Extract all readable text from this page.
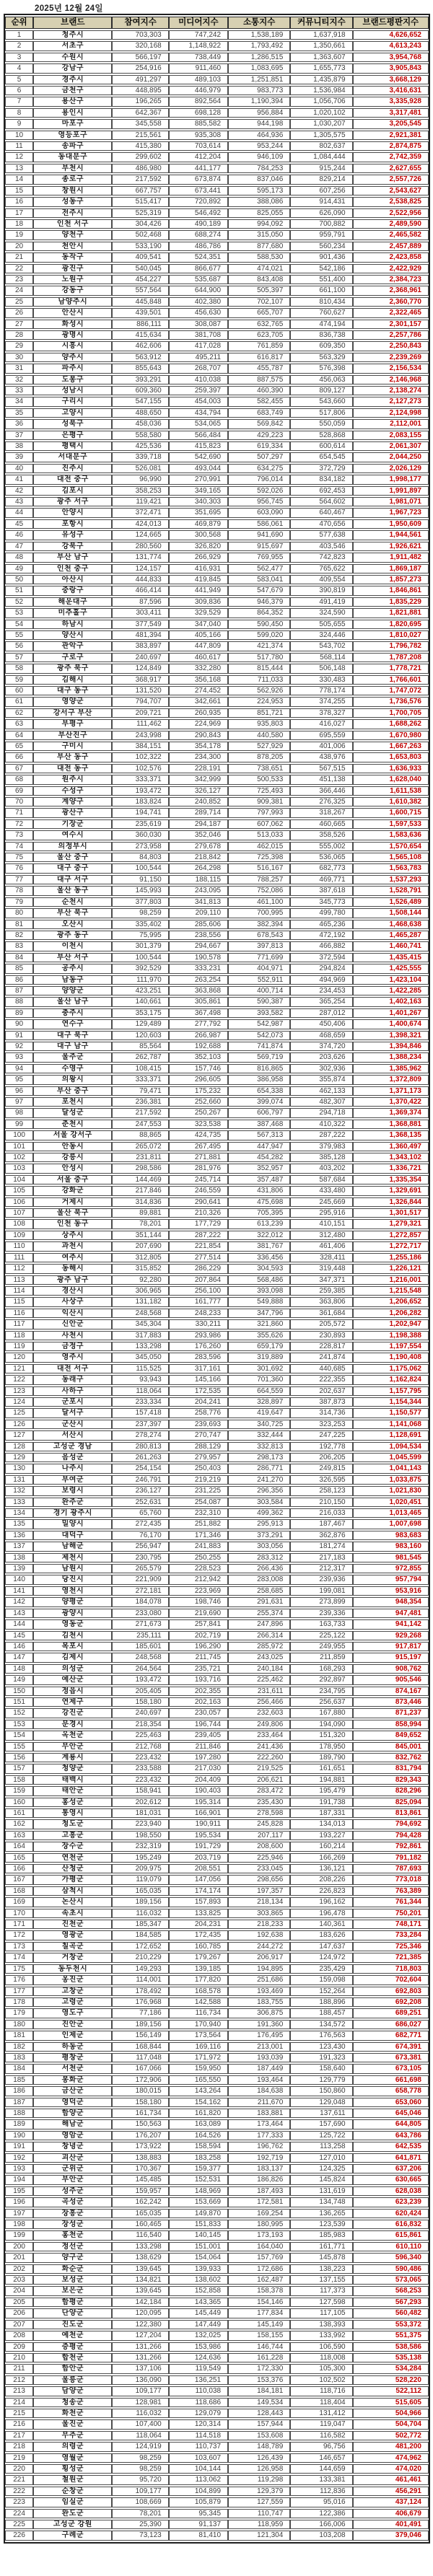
2025년 12월 24일
순위	브랜드	참여지수	미디어지수	소통지수	커뮤니티지수	브랜드평판지수
1	청주시	703,303	747,242	1,538,189	1,637,918	4,626,652
2	서초구	320,168	1,148,922	1,793,492	1,350,661	4,613,243
3	수원시	566,197	738,449	1,286,515	1,363,607	3,954,768
4	강남구	254,916	911,460	1,083,695	1,655,773	3,905,843
5	경주시	491,297	489,103	1,251,851	1,435,879	3,668,129
6	금천구	448,895	446,979	983,773	1,536,984	3,416,631
7	용산구	196,265	892,564	1,190,394	1,056,706	3,335,928
8	용인시	642,367	698,128	956,884	1,020,102	3,317,481
9	마포구	345,558	885,582	944,198	1,030,207	3,205,545
10	영등포구	215,561	935,308	464,936	1,305,575	2,921,381
11	송파구	415,380	703,614	953,244	802,637	2,874,875
12	동대문구	299,602	412,204	946,109	1,084,444	2,742,359
13	부천시	486,980	441,177	784,253	915,244	2,627,655
14	종로구	217,592	673,874	837,046	829,214	2,557,726
15	창원시	667,757	673,441	595,173	607,256	2,543,627
16	성동구	515,417	720,892	388,086	914,431	2,538,825
17	전주시	525,319	546,492	825,055	626,090	2,522,956
18	인천 서구	304,426	490,189	994,092	700,882	2,489,590
19	양천구	502,468	688,274	315,050	959,791	2,465,582
20	천안시	533,190	486,786	877,680	560,234	2,457,889
21	동작구	409,541	524,351	588,530	901,436	2,423,858
22	광진구	540,045	866,677	474,021	542,186	2,422,929
23	노원구	454,227	535,687	843,408	551,400	2,384,723
24	강동구	557,564	644,900	505,397	661,100	2,368,961
25	남양주시	445,848	402,380	702,107	810,434	2,360,770
26	안산시	439,501	456,630	665,707	760,627	2,322,465
27	화성시	886,111	308,087	632,765	474,194	2,301,157
28	광명시	415,634	381,708	623,705	836,738	2,257,786
29	시흥시	462,606	417,028	761,859	609,350	2,250,843
30	양주시	563,912	495,211	616,817	563,329	2,239,269
31	파주시	855,643	268,707	455,787	576,398	2,156,534
32	도봉구	393,291	410,038	887,575	456,063	2,146,968
33	성남시	609,360	259,397	460,390	809,127	2,138,274
34	구리시	547,155	454,003	582,455	543,660	2,127,273
35	고양시	488,650	434,794	683,749	517,806	2,124,998
36	성북구	458,036	534,065	569,842	550,059	2,112,001
37	은평구	558,580	566,484	429,223	528,868	2,083,155
38	평택시	425,536	415,823	619,334	600,614	2,061,307
39	서대문구	339,718	542,690	507,297	654,545	2,044,250
40	진주시	526,081	493,044	634,275	372,729	2,026,129
41	대전 중구	96,990	270,991	796,014	834,182	1,998,177
42	김포시	358,253	349,165	592,026	692,453	1,991,897
43	광주 서구	119,421	340,303	956,745	564,602	1,981,071
44	안양시	372,471	351,695	603,090	640,467	1,967,723
45	포항시	424,013	469,879	586,061	470,656	1,950,609
46	유성구	124,665	300,568	941,690	577,638	1,944,561
47	강북구	280,560	326,820	915,697	403,546	1,926,621
48	부산 남구	131,774	266,929	769,955	742,823	1,911,482
49	인천 중구	124,157	416,931	562,477	765,622	1,869,187
50	아산시	444,833	419,845	583,041	409,554	1,857,273
51	중랑구	466,414	441,949	547,679	390,819	1,846,861
52	해운대구	87,596	309,836	946,379	491,419	1,835,229
53	미추홀구	303,411	329,529	864,352	324,590	1,821,881
54	하남시	377,549	347,040	590,450	505,655	1,820,695
55	양산시	481,394	405,166	599,020	324,446	1,810,027
56	관악구	383,897	447,809	421,374	543,702	1,796,782
57	구로구	240,697	460,617	517,780	568,114	1,787,208
58	광주 북구	124,849	332,280	815,444	506,148	1,778,721
59	김해시	368,917	356,168	711,033	330,483	1,766,601
60	대구 동구	131,520	274,452	562,926	778,174	1,747,072
61	영양군	794,707	342,661	224,953	374,255	1,736,576
62	강서구 부산	209,721	260,935	851,721	378,327	1,700,705
63	부평구	111,462	224,969	935,803	416,027	1,688,262
64	부산진구	243,998	290,843	440,580	695,559	1,670,980
65	구미시	384,151	354,178	527,929	401,006	1,667,263
66	부산 동구	102,322	234,300	878,205	438,976	1,653,803
67	대전 동구	102,576	228,191	738,651	567,515	1,636,933
68	원주시	333,371	342,999	500,533	451,138	1,628,040
69	수성구	193,472	326,127	725,493	366,446	1,611,538
70	계양구	183,824	240,852	909,381	276,325	1,610,382
71	광산구	194,741	289,714	797,993	318,267	1,600,715
72	기장군	235,619	294,187	607,062	460,665	1,597,533
73	여수시	360,030	352,046	513,033	358,526	1,583,636
74	의정부시	273,958	279,678	462,015	555,002	1,570,654
75	울산 중구	84,803	218,842	725,398	536,065	1,565,108
76	대구 중구	100,544	264,298	516,167	682,773	1,563,783
77	대구 서구	91,150	188,115	788,257	469,771	1,537,293
78	울산 동구	145,993	243,095	752,086	387,618	1,528,791
79	순천시	377,803	341,813	461,100	345,773	1,526,489
80	부산 북구	98,259	209,110	700,995	499,780	1,508,144
81	오산시	335,402	285,606	382,394	465,236	1,468,638
82	광주 동구	75,995	238,556	678,543	472,192	1,465,287
83	이천시	301,379	294,667	397,813	466,882	1,460,741
84	부산 서구	100,544	190,578	771,699	372,594	1,435,415
85	공주시	392,529	333,231	404,971	294,824	1,425,555
86	남동구	111,970	263,254	552,911	494,969	1,423,104
87	양양군	423,251	363,868	400,714	234,453	1,422,285
88	울산 남구	140,661	305,861	590,387	365,254	1,402,163
89	충주시	353,175	367,498	393,582	287,012	1,401,267
90	연수구	129,489	277,792	542,987	450,406	1,400,674
91	대구 북구	120,603	266,987	542,073	468,659	1,398,321
92	대구 남구	85,564	192,688	741,874	374,720	1,394,846
93	울주군	262,787	352,103	569,719	203,626	1,388,234
94	수영구	108,415	157,746	816,865	302,936	1,385,962
95	의왕시	333,371	296,605	386,958	355,874	1,372,809
96	부산 중구	79,471	175,232	654,338	462,133	1,371,173
97	포천시	236,381	252,660	399,074	482,307	1,370,422
98	달성군	217,592	250,267	606,797	294,718	1,369,374
99	춘천시	247,553	323,538	387,468	410,322	1,368,881
100	서울 강서구	88,865	424,735	567,313	287,222	1,368,135
101	안동시	265,072	267,495	447,947	379,983	1,360,497
102	강릉시	231,811	271,881	454,282	385,128	1,343,102
103	안성시	298,586	281,976	352,957	403,202	1,336,721
104	서울 중구	144,469	245,714	357,487	587,684	1,335,354
105	강화군	217,846	246,559	431,806	433,480	1,329,691
106	거제시	314,836	290,641	475,698	245,669	1,326,844
107	울산 북구	89,881	210,326	705,395	295,916	1,301,517
108	인천 동구	78,201	177,729	613,239	410,151	1,279,321
109	상주시	351,144	287,222	322,012	312,480	1,272,857
110	과천시	207,690	221,854	381,767	461,406	1,272,717
111	여주시	312,805	277,514	336,456	328,411	1,255,186
112	동해시	315,852	286,229	304,593	319,448	1,226,121
113	광주 남구	92,280	207,864	568,486	347,371	1,216,001
114	경산시	306,965	256,100	393,098	259,385	1,215,548
115	사상구	131,182	161,777	549,888	363,806	1,206,652
116	익산시	248,568	248,233	347,796	361,684	1,206,282
117	신안군	345,304	330,211	321,860	205,572	1,202,947
118	사천시	317,883	293,986	355,626	230,893	1,198,388
119	금정구	133,298	176,260	659,179	228,817	1,197,554
120	영주시	345,050	283,596	319,889	241,874	1,190,408
121	대전 서구	115,525	317,161	301,692	440,685	1,175,062
122	동래구	93,943	145,166	701,360	222,355	1,162,824
123	사하구	118,064	172,535	664,559	202,637	1,157,795
124	군포시	233,334	204,241	328,897	387,873	1,154,344
125	달서구	157,418	258,776	419,647	314,736	1,150,577
126	군산시	237,397	239,693	340,725	323,253	1,141,068
127	서산시	278,274	270,747	332,444	247,225	1,128,691
128	고성군 경남	280,813	288,129	332,813	192,778	1,094,534
129	음성군	261,263	279,957	298,173	206,205	1,045,599
130	나주시	254,154	250,403	286,771	249,815	1,041,143
131	부여군	246,791	219,219	241,270	326,595	1,033,875
132	보령시	236,127	231,225	296,356	258,123	1,021,830
133	완주군	252,631	254,087	303,584	210,150	1,020,451
134	경기 광주시	65,760	232,310	499,362	216,033	1,013,465
135	밀양시	272,435	251,882	295,913	187,467	1,007,698
136	대덕구	76,170	171,346	373,291	362,876	983,683
137	남해군	256,947	241,883	303,056	181,274	983,160
138	제천시	230,795	250,255	283,312	217,183	981,545
139	남원시	265,579	228,523	266,436	212,317	972,855
140	당진시	221,909	212,942	283,008	239,936	957,794
141	영천시	272,181	223,969	258,685	199,081	953,916
142	양평군	184,078	198,746	291,631	273,899	948,354
143	광양시	233,080	219,690	255,374	239,336	947,481
144	영동군	271,673	257,841	247,896	163,733	941,142
145	김천시	235,111	202,719	266,314	225,122	929,268
146	목포시	185,601	196,290	285,972	249,955	917,817
147	김제시	248,568	211,745	243,025	211,859	915,197
148	의성군	264,564	235,721	240,184	168,293	908,762
149	예산군	193,472	193,716	225,462	292,897	905,546
150	정읍시	205,405	202,355	231,611	234,795	874,167
151	연제구	158,180	202,163	256,466	256,637	873,446
152	강진군	240,697	230,057	232,603	167,880	871,237
153	문경시	218,354	196,744	249,806	194,090	858,994
154	옥천군	225,463	239,405	233,464	151,320	849,652
155	무안군	212,768	211,846	241,436	178,950	845,001
156	계룡시	223,432	197,280	222,260	189,790	832,762
157	청양군	233,588	217,030	219,525	161,651	831,794
158	태백시	223,432	204,409	206,621	194,881	829,343
159	태안군	158,941	190,403	283,472	195,479	828,296
160	홍성군	202,612	195,314	235,430	191,738	825,094
161	통영시	181,031	166,901	278,598	187,331	813,861
162	청도군	223,940	190,911	245,828	134,013	794,692
163	고흥군	198,550	195,534	207,117	193,227	794,428
164	장수군	232,319	191,729	208,600	160,214	792,861
165	연천군	195,249	203,719	225,946	166,269	791,182
166	산청군	209,975	208,551	233,045	136,121	787,693
167	가평군	119,079	147,056	298,656	208,226	773,018
168	삼척시	165,035	174,174	197,357	226,823	763,389
169	논산시	189,156	157,893	218,134	196,162	761,344
170	속초시	116,032	133,825	303,865	196,478	750,201
171	진천군	185,347	204,231	218,233	140,361	748,171
172	영광군	184,585	172,435	192,638	183,626	733,284
173	칠곡군	172,652	160,785	244,272	147,637	725,346
174	거창군	210,229	179,267	206,917	124,972	721,385
175	동두천시	149,293	139,185	194,895	235,429	718,803
176	옹진군	114,001	177,820	251,686	159,098	702,604
177	고창군	178,492	168,578	193,469	152,264	692,803
178	고령군	176,968	142,588	183,755	188,896	692,208
179	영도구	77,186	116,734	306,875	188,457	689,251
180	진안군	189,156	170,940	191,360	134,572	686,027
181	인제군	156,149	173,564	176,495	176,563	682,771
182	하동군	168,844	169,116	213,001	123,430	674,391
183	평창군	117,048	171,972	193,039	191,323	673,381
184	서천군	167,066	159,950	187,449	158,640	673,105
185	봉화군	172,906	165,550	193,464	129,779	661,698
186	금산군	180,015	143,264	184,638	150,860	658,778
187	영덕군	158,180	154,162	211,670	129,048	653,060
188	함양군	161,734	161,820	183,881	137,611	645,046
189	해남군	150,563	163,089	173,464	157,690	644,805
190	영암군	176,207	164,526	177,333	125,722	643,786
191	창녕군	173,922	158,594	196,762	113,258	642,535
192	괴산군	138,883	183,258	192,719	127,010	641,871
193	군위군	170,367	159,377	183,137	124,325	637,206
194	부안군	145,485	152,531	186,826	145,824	630,665
195	성주군	159,957	148,969	187,493	131,619	628,038
196	곡성군	162,242	153,669	172,581	134,748	623,239
197	장흥군	165,035	149,870	169,254	136,265	620,424
198	장성군	160,465	151,833	180,995	123,539	616,832
199	홍천군	116,540	140,145	173,193	185,983	615,861
200	정선군	133,298	151,001	164,040	161,771	610,110
201	양구군	138,629	154,064	157,769	145,878	596,340
202	화순군	139,645	139,933	172,686	138,223	590,486
203	보성군	134,821	138,602	162,487	137,155	573,065
204	보은군	139,645	152,858	158,378	117,373	568,253
205	함평군	142,184	143,365	154,146	127,598	567,293
206	단양군	120,095	145,449	177,834	117,105	560,482
207	진도군	122,380	147,449	145,149	138,393	553,372
208	예천군	127,204	132,025	158,155	133,992	551,375
209	증평군	131,266	153,986	146,744	106,590	538,586
210	합천군	131,266	124,636	161,228	118,008	535,138
211	함안군	137,106	119,549	172,330	105,300	534,284
212	울릉군	136,090	136,251	153,376	102,502	528,220
213	담양군	109,177	110,038	184,181	118,716	522,112
214	청송군	128,981	118,686	149,534	118,404	515,605
215	화천군	116,032	129,079	128,443	131,412	504,966
216	울진군	107,400	120,314	157,944	119,047	504,704
217	무주군	118,064	114,518	153,608	116,582	502,772
218	의령군	124,919	110,737	148,789	96,756	481,200
219	영월군	98,259	103,607	126,439	146,657	474,962
220	횡성군	98,259	104,144	126,958	144,659	474,020
221	철원군	95,720	113,062	119,298	133,381	461,461
222	순창군	109,177	104,899	129,379	112,836	456,291
223	임실군	108,669	105,879	127,559	95,016	437,124
224	완도군	78,201	95,345	110,747	122,386	406,679
225	고성군 강원	25,390	91,137	118,959	166,006	401,491
226	구례군	73,123	81,410	121,304	103,208	379,046
